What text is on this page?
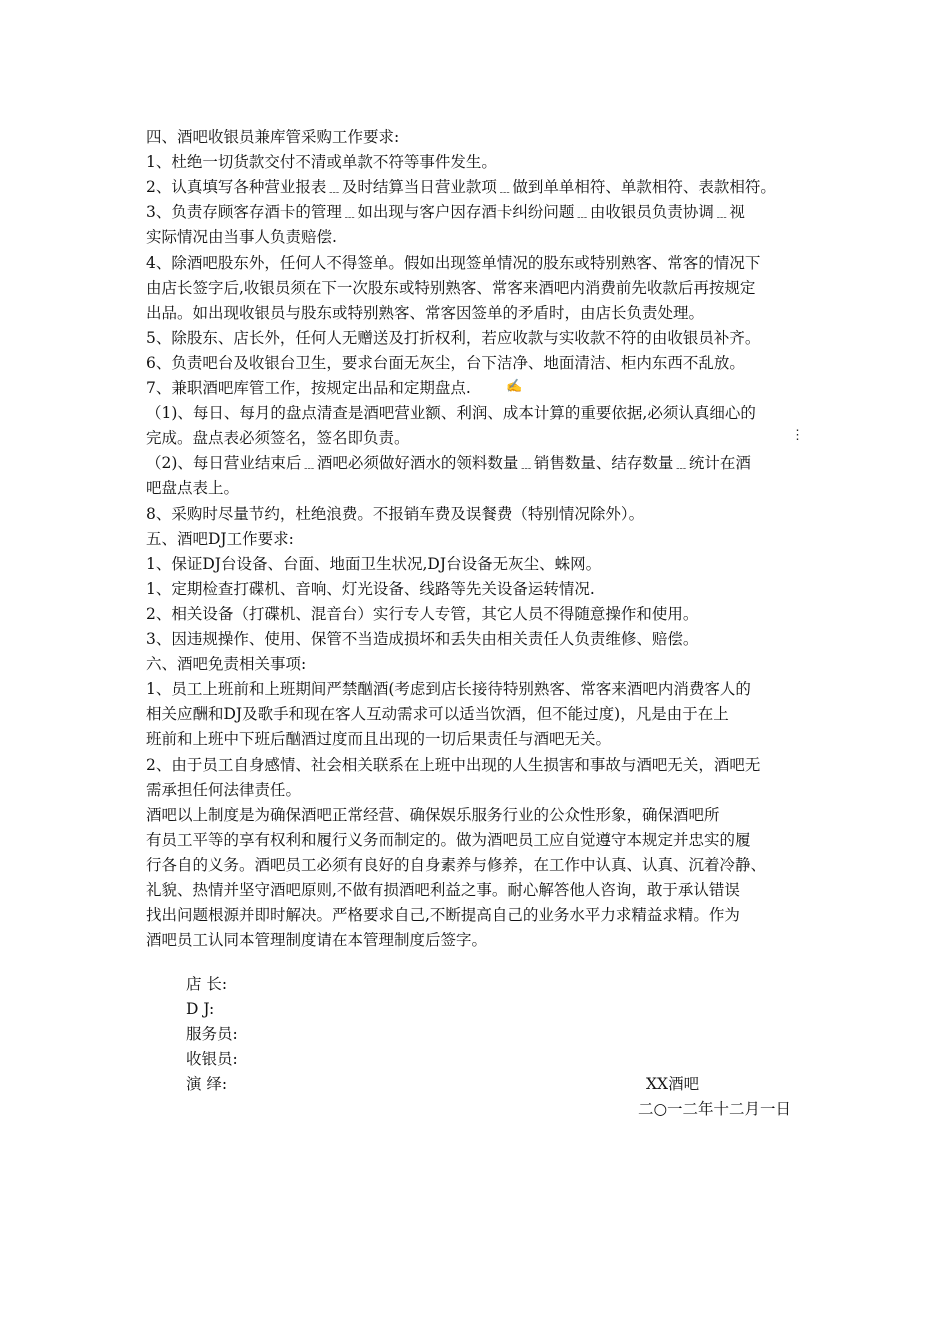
四、酒吧收银员兼库管采购工作要求:
1、杜绝一切货款交付不清或单款不符等事件发生。
2、认真填写各种营业报表﹍及时结算当日营业款项﹍做到单单相符、单款相符、表款相符。
3、负责存顾客存酒卡的管理﹍如出现与客户因存酒卡纠纷问题﹍由收银员负责协调﹍视
实际情况由当事人负责赔偿.
4、除酒吧股东外，任何人不得签单。假如出现签单情况的股东或特别熟客、常客的情况下
由店长签字后,收银员须在下一次股东或特别熟客、常客来酒吧内消费前先收款后再按规定
出品。如出现收银员与股东或特别熟客、常客因签单的矛盾时，由店长负责处理。
5、除股东、店长外，任何人无赠送及打折权利，若应收款与实收款不符的由收银员补齐。
6、负责吧台及收银台卫生，要求台面无灰尘，台下洁净、地面清洁、柜内东西不乱放。
7、兼职酒吧库管工作，按规定出品和定期盘点.
（1)、每日、每月的盘点清查是酒吧营业额、利润、成本计算的重要依据,必须认真细心的
完成。盘点表必须签名，签名即负责。
（2)、每日营业结束后﹍酒吧必须做好酒水的领料数量﹍销售数量、结存数量﹍统计在酒
吧盘点表上。
8、采购时尽量节约，杜绝浪费。不报销车费及误餐费（特别情况除外）。
五、酒吧DJ工作要求:
1、保证DJ台设备、台面、地面卫生状况,DJ台设备无灰尘、蛛网。
1、定期检查打碟机、音响、灯光设备、线路等先关设备运转情况.
2、相关设备（打碟机、混音台）实行专人专管，其它人员不得随意操作和使用。
3、因违规操作、使用、保管不当造成损坏和丢失由相关责任人负责维修、赔偿。
六、酒吧免责相关事项:
1、员工上班前和上班期间严禁酗酒(考虑到店长接待特别熟客、常客来酒吧内消费客人的
相关应酬和DJ及歌手和现在客人互动需求可以适当饮酒，但不能过度)，凡是由于在上
班前和上班中下班后酗酒过度而且出现的一切后果责任与酒吧无关。
2、由于员工自身感情、社会相关联系在上班中出现的人生损害和事故与酒吧无关，酒吧无
需承担任何法律责任。
酒吧以上制度是为确保酒吧正常经营、确保娱乐服务行业的公众性形象，确保酒吧所
有员工平等的享有权利和履行义务而制定的。做为酒吧员工应自觉遵守本规定并忠实的履
行各自的义务。酒吧员工必须有良好的自身素养与修养，在工作中认真、认真、沉着冷静、
礼貌、热情并坚守酒吧原则,不做有损酒吧利益之事。耐心解答他人咨询，敢于承认错误
找出问题根源并即时解决。严格要求自己,不断提高自己的业务水平力求精益求精。作为
酒吧员工认同本管理制度请在本管理制度后签字。
✍
⋮
店 长:
D J:
服务员:
收银员:
演 绎:	XX酒吧
二○一二年十二月一日
